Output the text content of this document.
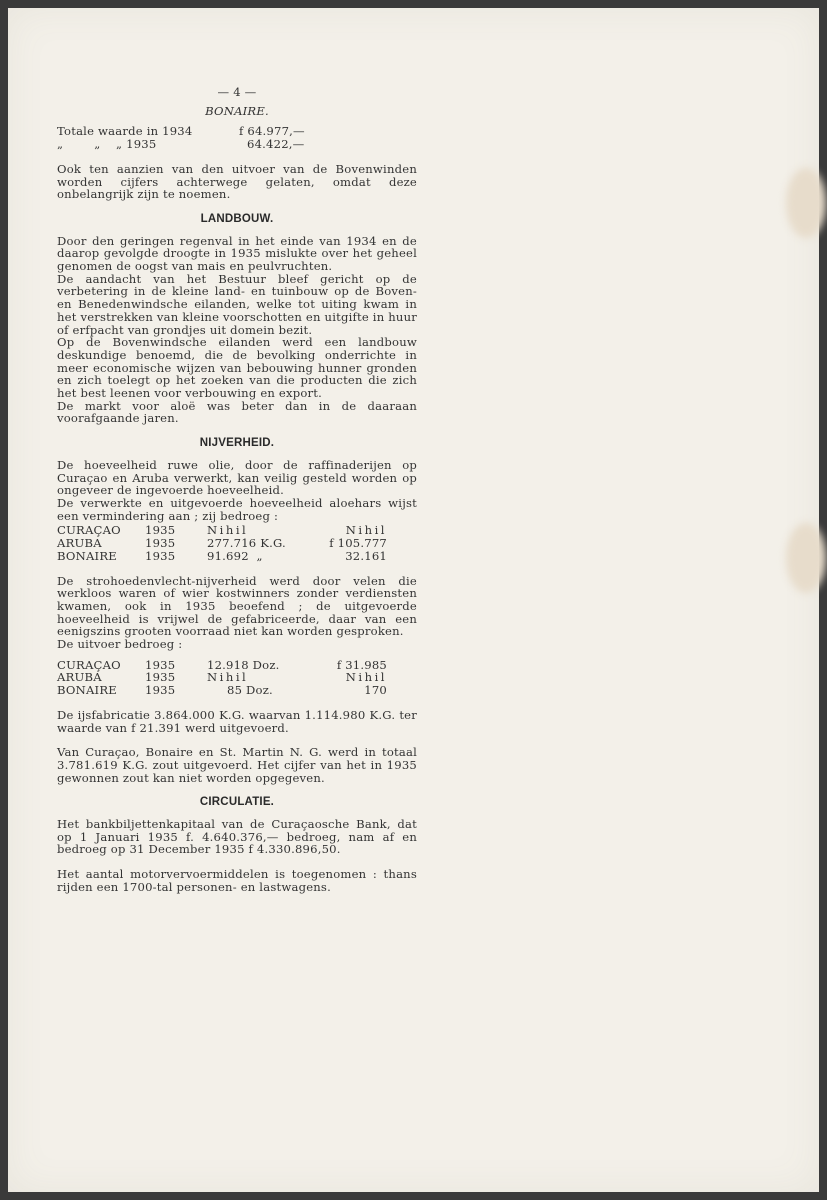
— 4 —
BONAIRE.
Totale waarde in 1934	f 64.977,—
„        „    „ 1935	64.422,—

Ook ten aanzien van den uitvoer van de Bovenwinden worden cijfers achterwege gelaten, omdat deze onbelangrijk zijn te noemen.

LANDBOUW.

Door den geringen regenval in het einde van 1934 en de daarop gevolgde droogte in 1935 mislukte over het geheel genomen de oogst van mais en peulvruchten.

De aandacht van het Bestuur bleef gericht op de verbetering in de kleine land- en tuinbouw op de Boven- en Benedenwindsche eilanden, welke tot uiting kwam in het verstrekken van kleine voorschotten en uitgifte in huur of erfpacht van grondjes uit domein bezit.

Op de Bovenwindsche eilanden werd een landbouw deskundige benoemd, die de bevolking onderrichte in meer economische wijzen van bebouwing hunner gronden en zich toelegt op het zoeken van die producten die zich het best leenen voor verbouwing en export.

De markt voor aloë was beter dan in de daaraan voorafgaande jaren.

NIJVERHEID.

De hoeveelheid ruwe olie, door de raffinaderijen op Curaçao en Aruba verwerkt, kan veilig gesteld worden op ongeveer de ingevoerde hoeveelheid.

De verwerkte en uitgevoerde hoeveelheid aloehars wijst een vermindering aan ; zij bedroeg :

CURAÇAO	1935	Nihil	Nihil
ARUBA	1935	277.716 K.G.	f 105.777
BONAIRE	1935	91.692  „	32.161

De strohoedenvlecht-nijverheid werd door velen die werkloos waren of wier kostwinners zonder verdiensten kwamen, ook in 1935 beoefend ; de uitgevoerde hoeveelheid is vrijwel de gefabriceerde, daar van een eenigszins grooten voorraad niet kan worden gesproken.

De uitvoer bedroeg :

CURAÇAO	1935	12.918 Doz.	f 31.985
ARUBA	1935	Nihil	Nihil
BONAIRE	1935	85 Doz.	170

De ijsfabricatie 3.864.000 K.G. waarvan 1.114.980 K.G. ter waarde van f 21.391 werd uitgevoerd.

Van Curaçao, Bonaire en St. Martin N. G. werd in totaal 3.781.619 K.G. zout uitgevoerd. Het cijfer van het in 1935 gewonnen zout kan niet worden opgegeven.

CIRCULATIE.

Het bankbiljettenkapitaal van de Curaçaosche Bank, dat op 1 Januari 1935 f. 4.640.376,— bedroeg, nam af en bedroeg op 31 December 1935 f 4.330.896,50.

Het aantal motorvervoermiddelen is toegenomen : thans rijden een 1700-tal personen- en lastwagens.
